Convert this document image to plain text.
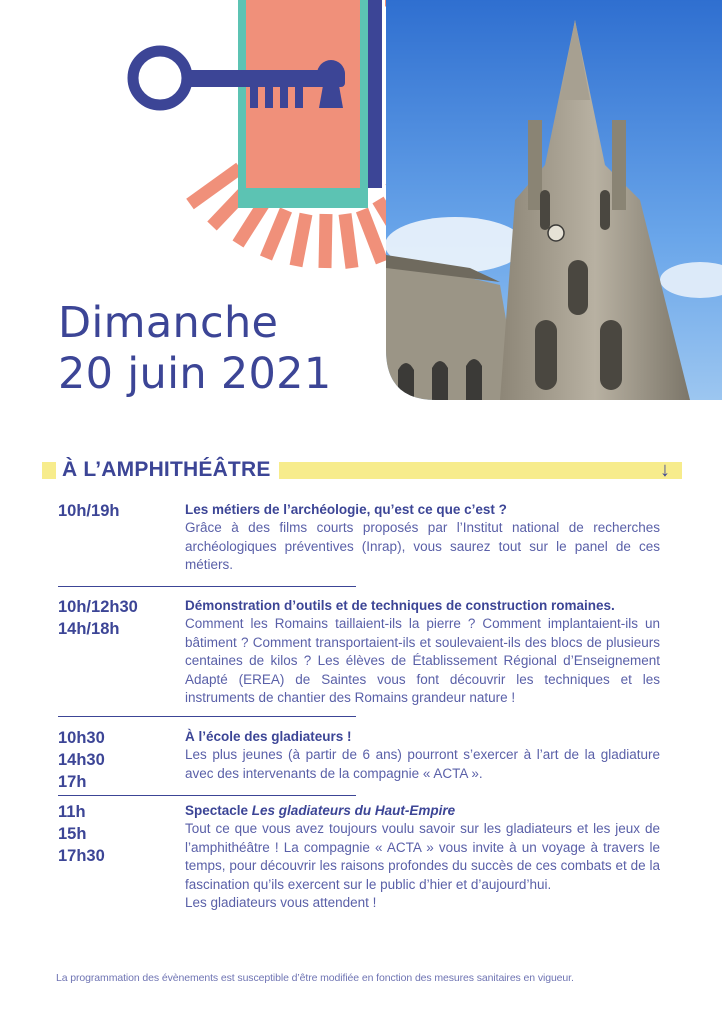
Dimanche
20 juin 2021
À L’AMPHITHÉÂTRE	↓
10h/19h	Les métiers de l’archéologie, qu’est ce que c’est ?
Grâce à des films courts proposés par l’Institut national de recherches archéologiques préventives (Inrap), vous saurez tout sur le panel de ces métiers.
10h/12h30
14h/18h
Démonstration d’outils et de techniques de construction romaines.
Comment les Romains taillaient-ils la pierre ? Comment implantaient-ils un bâtiment ? Comment transportaient-ils et soulevaient-ils des blocs de plusieurs centaines de kilos ? Les élèves de Établissement Régional d’Enseignement Adapté (EREA) de Saintes vous font découvrir les techniques et les instruments de chantier des Romains grandeur nature !
10h30
14h30
17h
À l’école des gladiateurs !
Les plus jeunes (à partir de 6 ans) pourront s’exercer à l’art de la gladiature avec des intervenants de la compagnie « ACTA ».
11h
15h
17h30
Spectacle Les gladiateurs du Haut-Empire
Tout ce que vous avez toujours voulu savoir sur les gladiateurs et les jeux de l’amphithéâtre ! La compagnie « ACTA » vous invite à un voyage à travers le temps, pour découvrir les raisons profondes du succès de ces combats et de la fascination qu’ils exercent sur le public d’hier et d’aujourd’hui.
Les gladiateurs vous attendent !
La programmation des évènements est susceptible d’être modifiée en fonction des mesures sanitaires en vigueur.
